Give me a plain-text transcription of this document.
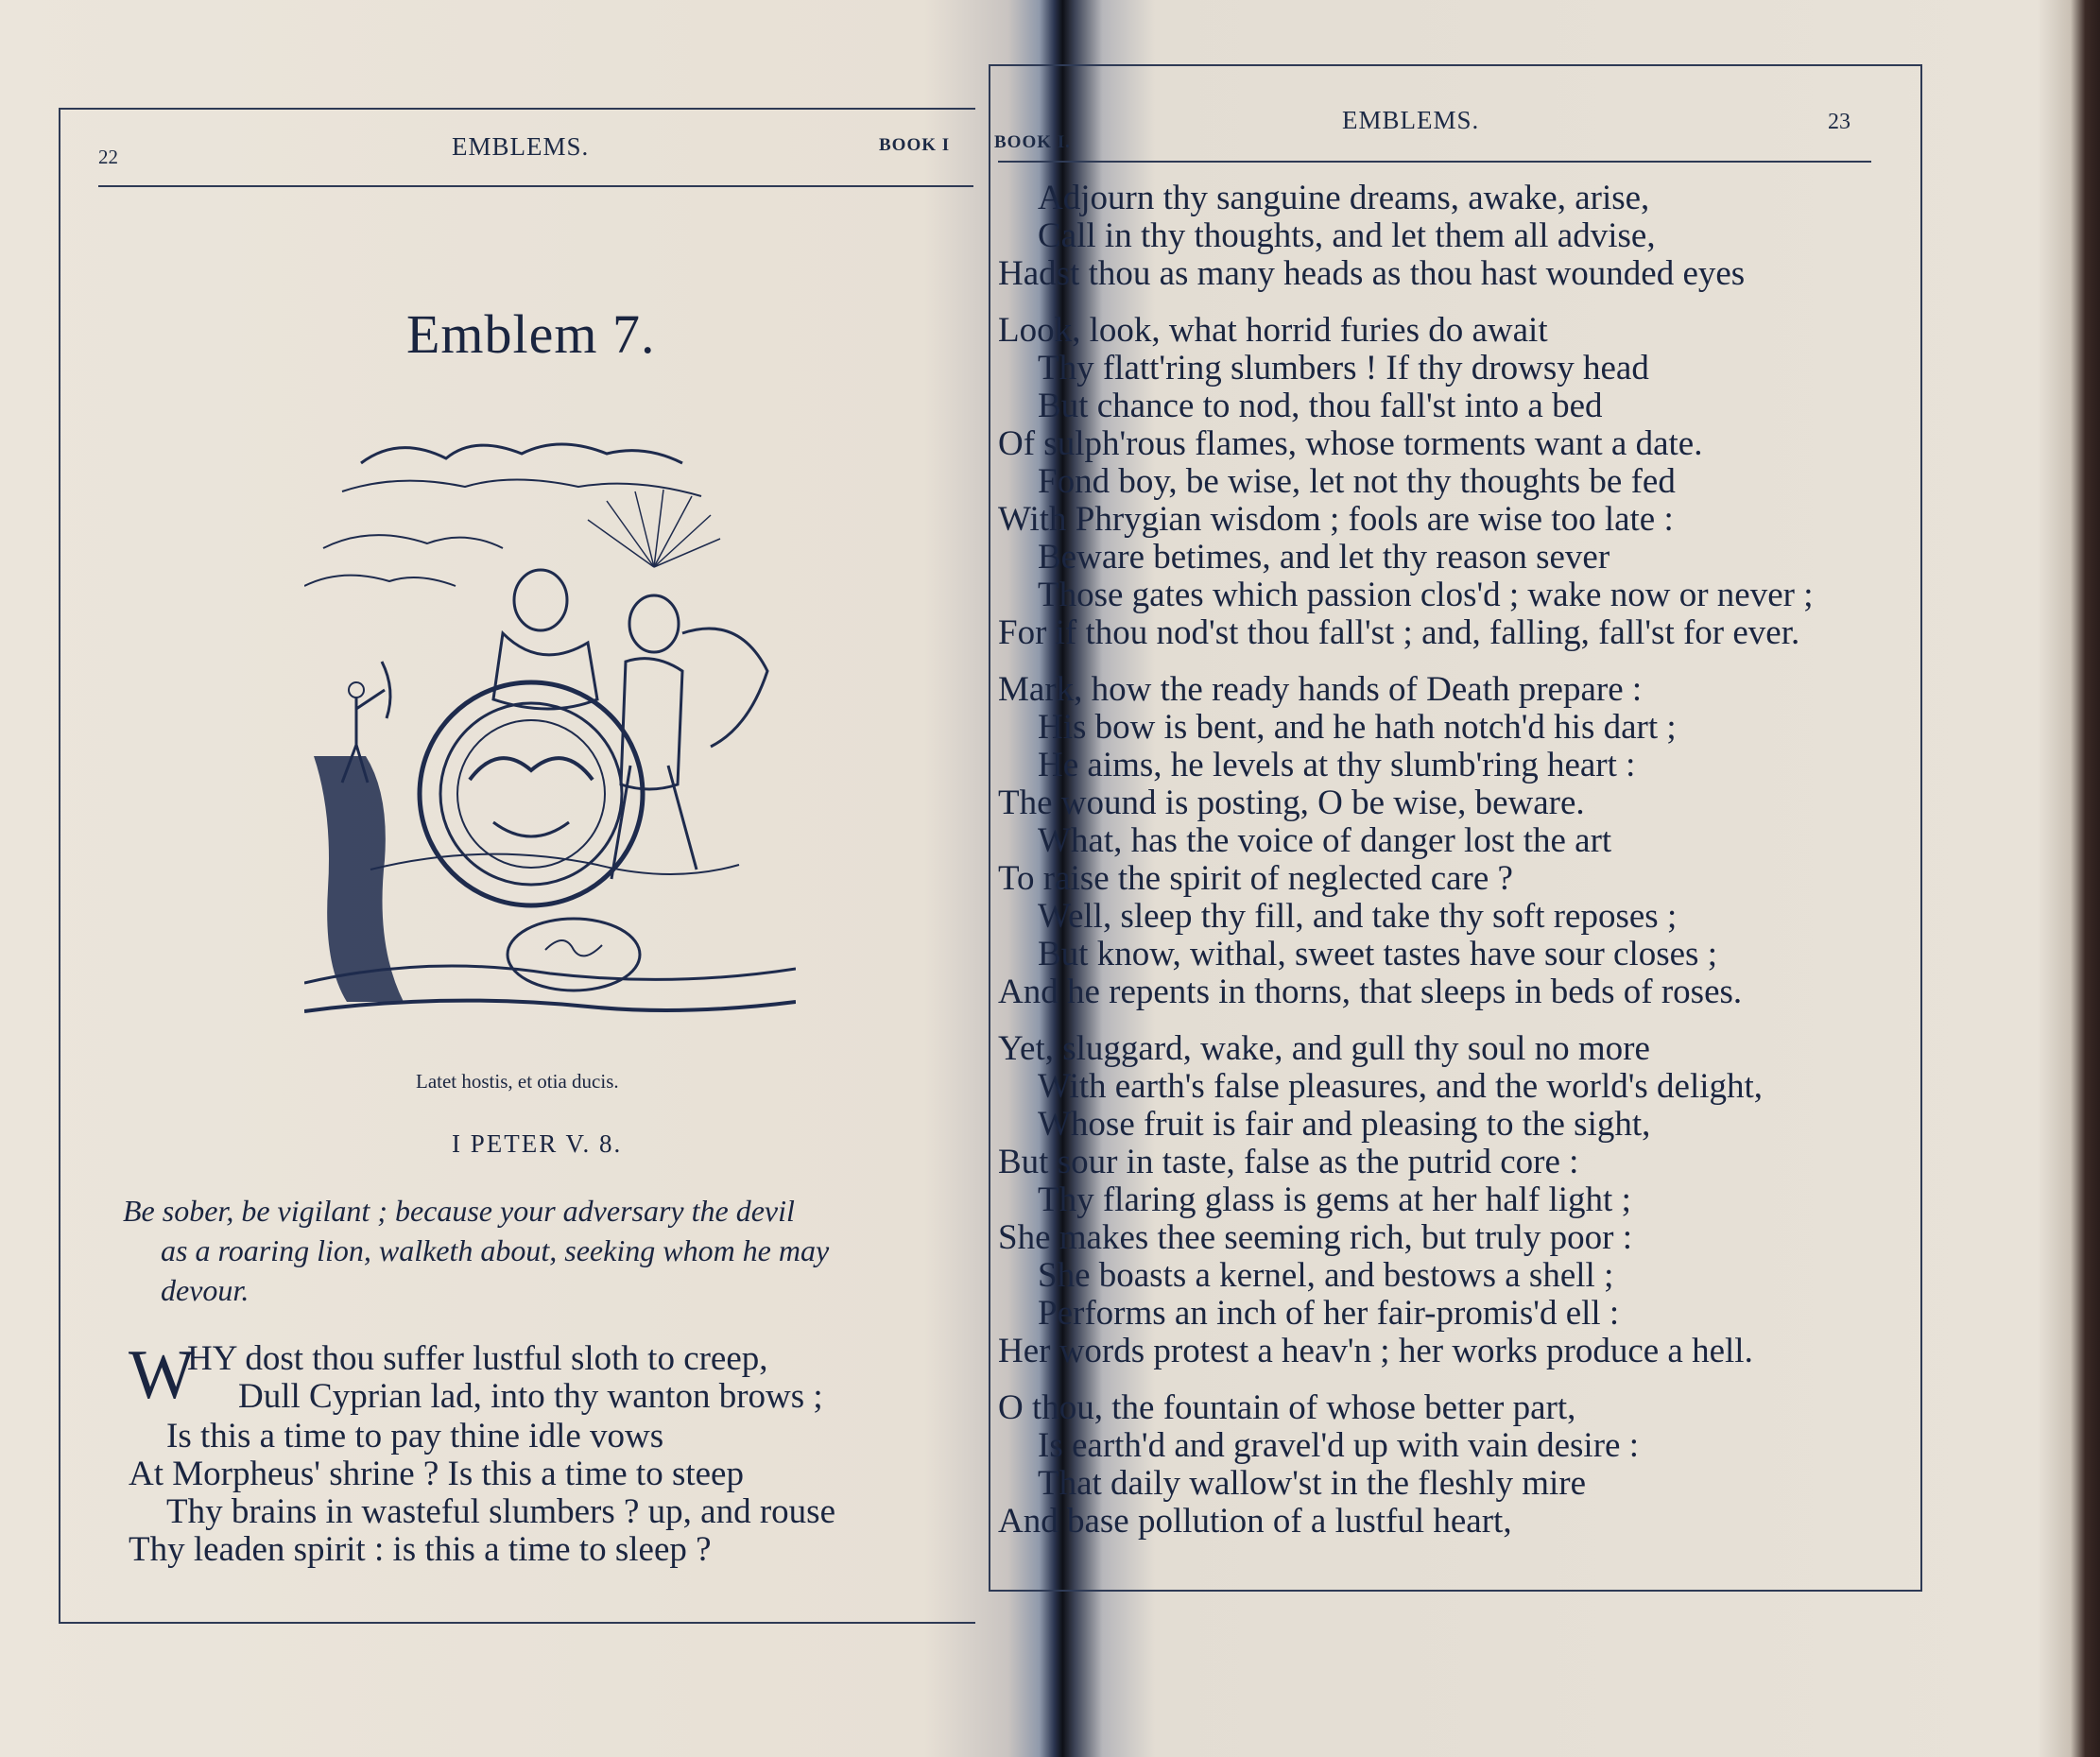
22	EMBLEMS.	BOOK I
Emblem 7.
Latet hostis, et otia ducis.
I PETER V. 8.
Be sober, be vigilant ; because your adversary the devil
as a roaring lion, walketh about, seeking whom he may
devour.
W
HY dost thou suffer lustful sloth to creep,
Dull Cyprian lad, into thy wanton brows ;
Is this a time to pay thine idle vows
At Morpheus' shrine ? Is this a time to steep
Thy brains in wasteful slumbers ? up, and rouse
Thy leaden spirit : is this a time to sleep ?
BOOK I.
EMBLEMS.	23
Adjourn thy sanguine dreams, awake, arise,
Call in thy thoughts, and let them all advise,
Hadst thou as many heads as thou hast wounded eyes
Look, look, what horrid furies do await
Thy flatt'ring slumbers ! If thy drowsy head
But chance to nod, thou fall'st into a bed
Of sulph'rous flames, whose torments want a date.
Fond boy, be wise, let not thy thoughts be fed
With Phrygian wisdom ; fools are wise too late :
Beware betimes, and let thy reason sever
Those gates which passion clos'd ; wake now or never ;
For if thou nod'st thou fall'st ; and, falling, fall'st for ever.
Mark, how the ready hands of Death prepare :
His bow is bent, and he hath notch'd his dart ;
He aims, he levels at thy slumb'ring heart :
The wound is posting, O be wise, beware.
What, has the voice of danger lost the art
To raise the spirit of neglected care ?
Well, sleep thy fill, and take thy soft reposes ;
But know, withal, sweet tastes have sour closes ;
And he repents in thorns, that sleeps in beds of roses.
Yet, sluggard, wake, and gull thy soul no more
With earth's false pleasures, and the world's delight,
Whose fruit is fair and pleasing to the sight,
But sour in taste, false as the putrid core :
Thy flaring glass is gems at her half light ;
She makes thee seeming rich, but truly poor :
She boasts a kernel, and bestows a shell ;
Performs an inch of her fair-promis'd ell :
Her words protest a heav'n ; her works produce a hell.
O thou, the fountain of whose better part,
Is earth'd and gravel'd up with vain desire :
That daily wallow'st in the fleshly mire
And base pollution of a lustful heart,
